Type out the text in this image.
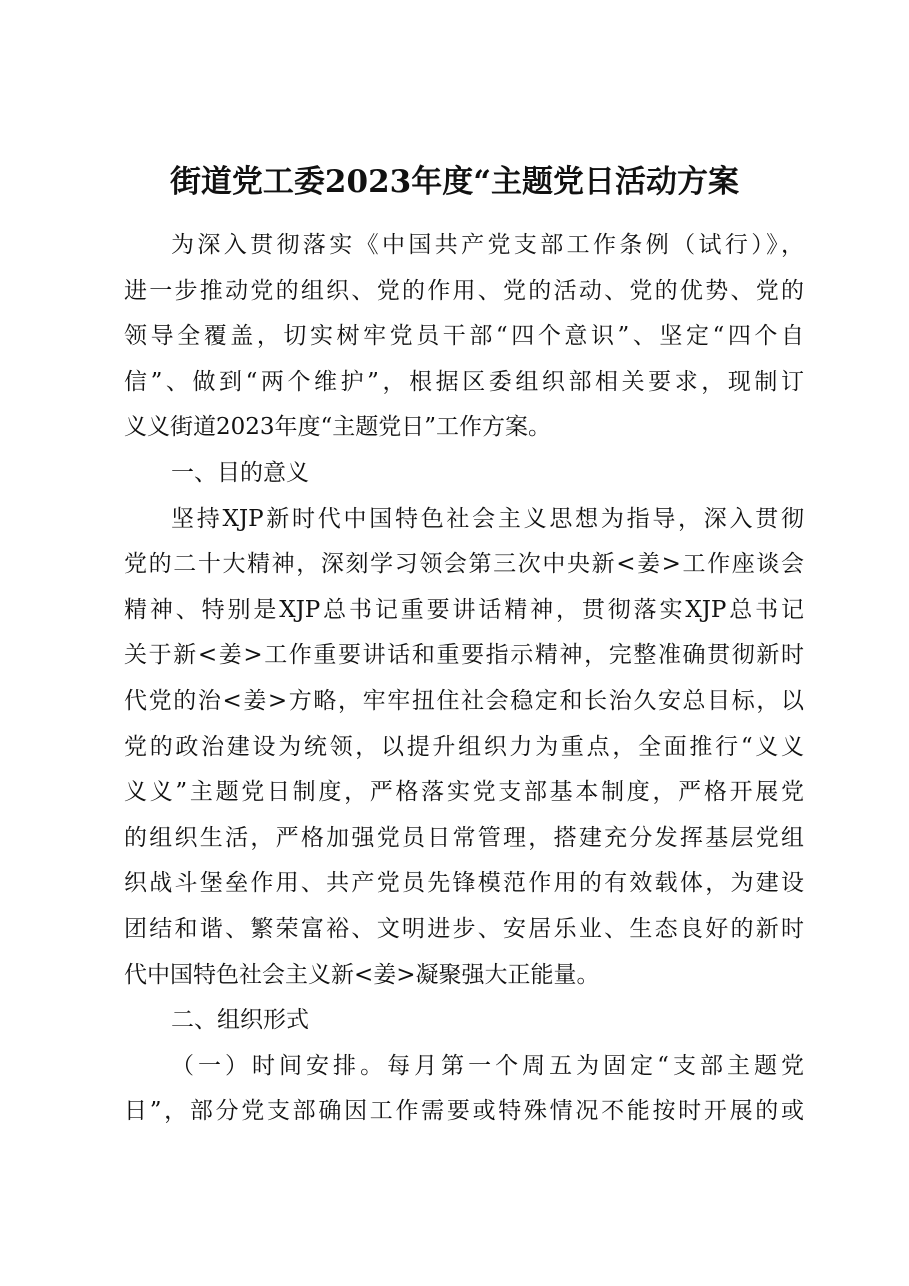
街道党工委2023年度“主题党日活动方案
为深入贯彻落实《中国共产党支部工作条例（试行）》，
进一步推动党的组织、党的作用、党的活动、党的优势、党的
领导全覆盖，切实树牢党员干部“四个意识”、坚定“四个自
信”、做到“两个维护”，根据区委组织部相关要求，现制订
义义街道2023年度“主题党日”工作方案。
一、目的意义
坚持XJP新时代中国特色社会主义思想为指导，深入贯彻
党的二十大精神，深刻学习领会第三次中央新<姜>工作座谈会
精神、特别是XJP总书记重要讲话精神，贯彻落实XJP总书记
关于新<姜>工作重要讲话和重要指示精神，完整准确贯彻新时
代党的治<姜>方略，牢牢扭住社会稳定和长治久安总目标，以
党的政治建设为统领，以提升组织力为重点，全面推行“义义
义义”主题党日制度，严格落实党支部基本制度，严格开展党
的组织生活，严格加强党员日常管理，搭建充分发挥基层党组
织战斗堡垒作用、共产党员先锋模范作用的有效载体，为建设
团结和谐、繁荣富裕、文明进步、安居乐业、生态良好的新时
代中国特色社会主义新<姜>凝聚强大正能量。
二、组织形式
（一）时间安排。每月第一个周五为固定“支部主题党
日”，部分党支部确因工作需要或特殊情况不能按时开展的或
